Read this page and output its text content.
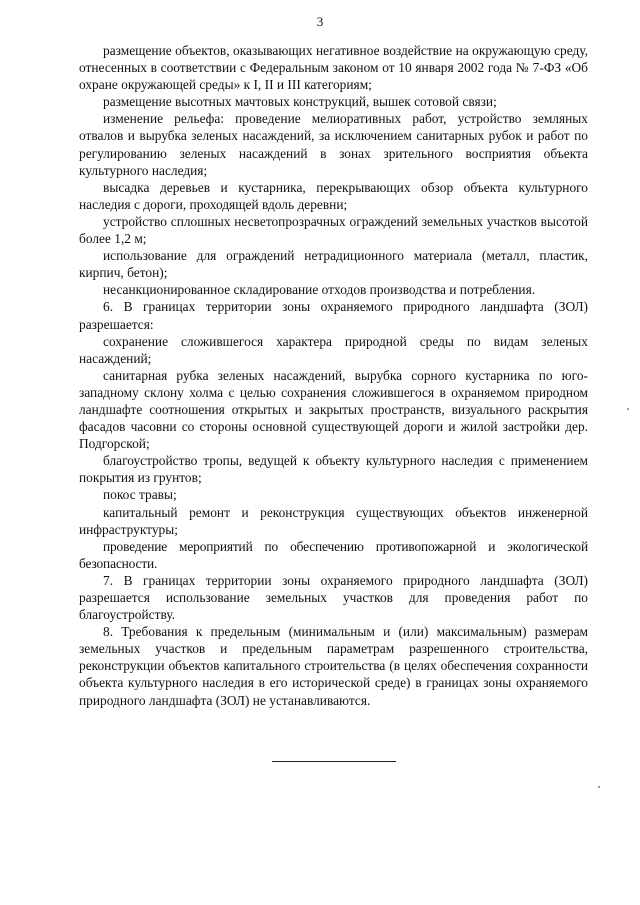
3

размещение объектов, оказывающих негативное воздействие на окружающую среду, отнесенных в соответствии с Федеральным законом от 10 января 2002 года № 7-ФЗ «Об охране окружающей среды» к I, II и III категориям;

размещение высотных мачтовых конструкций, вышек сотовой связи;

изменение рельефа: проведение мелиоративных работ, устройство земляных отвалов и вырубка зеленых насаждений, за исключением санитарных рубок и работ по регулированию зеленых насаждений в зонах зрительного восприятия объекта культурного наследия;

высадка деревьев и кустарника, перекрывающих обзор объекта культурного наследия с дороги, проходящей вдоль деревни;

устройство сплошных несветопрозрачных ограждений земельных участков высотой более 1,2 м;

использование для ограждений нетрадиционного материала (металл, пластик, кирпич, бетон);

несанкционированное складирование отходов производства и потребления.

6. В границах территории зоны охраняемого природного ландшафта (ЗОЛ) разрешается:

сохранение сложившегося характера природной среды по видам зеленых насаждений;

санитарная рубка зеленых насаждений, вырубка сорного кустарника по юго-западному склону холма с целью сохранения сложившегося в охраняемом природном ландшафте соотношения открытых и закрытых пространств, визуального раскрытия фасадов часовни со стороны основной существующей дороги и жилой застройки дер. Подгорской;

благоустройство тропы, ведущей к объекту культурного наследия с применением покрытия из грунтов;

покос травы;

капитальный ремонт и реконструкция существующих объектов инженерной инфраструктуры;

проведение мероприятий по обеспечению противопожарной и экологической безопасности.

7. В границах территории зоны охраняемого природного ландшафта (ЗОЛ) разрешается использование земельных участков для проведения работ по благоустройству.

8. Требования к предельным (минимальным и (или) максимальным) размерам земельных участков и предельным параметрам разрешенного строительства, реконструкции объектов капитального строительства (в целях обеспечения сохранности объекта культурного наследия в его исторической среде) в границах зоны охраняемого природного ландшафта (ЗОЛ) не устанавливаются.
